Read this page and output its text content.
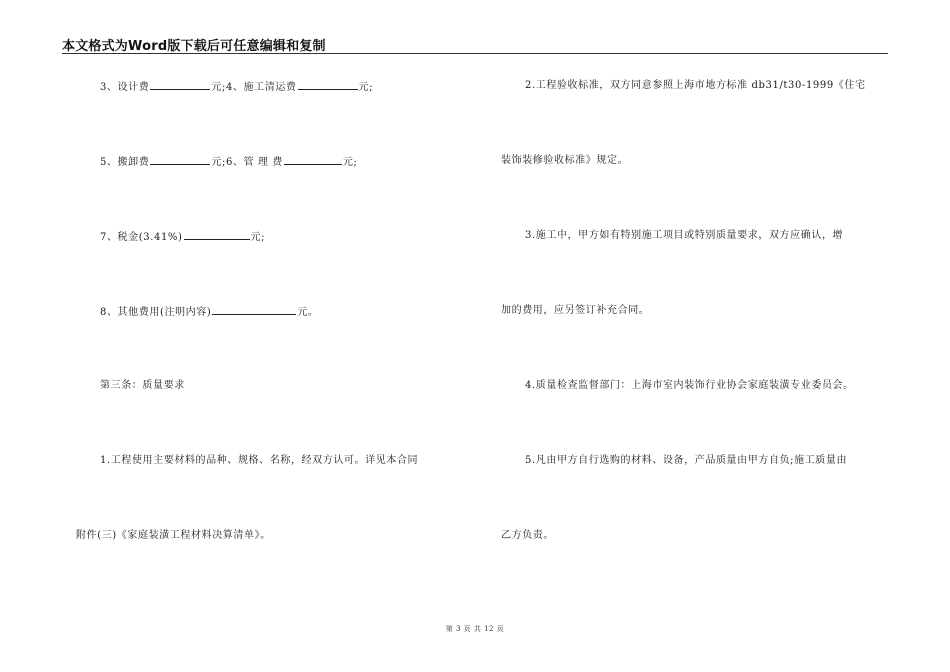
本文格式为Word版下载后可任意编辑和复制
3、设计费	元;4、施工清运费	元;
5、搬卸费	元;6、管 理 费	元;
7、税金(3.41%)	元;
8、其他费用(注明内容)	元。
第三条：质量要求
1.工程使用主要材料的品种、规格、名称，经双方认可。详见本合同
附件(三)《家庭装潢工程材料决算清单》。
2.工程验收标准，双方同意参照上海市地方标准 db31/t30-1999《住宅
装饰装修验收标准》规定。
3.施工中，甲方如有特别施工项目或特别质量要求，双方应确认，增
加的费用，应另签订补充合同。
4.质量检查监督部门：上海市室内装饰行业协会家庭装潢专业委员会。
5.凡由甲方自行选购的材料、设备，产品质量由甲方自负;施工质量由
乙方负责。
第 3 页 共 12 页
